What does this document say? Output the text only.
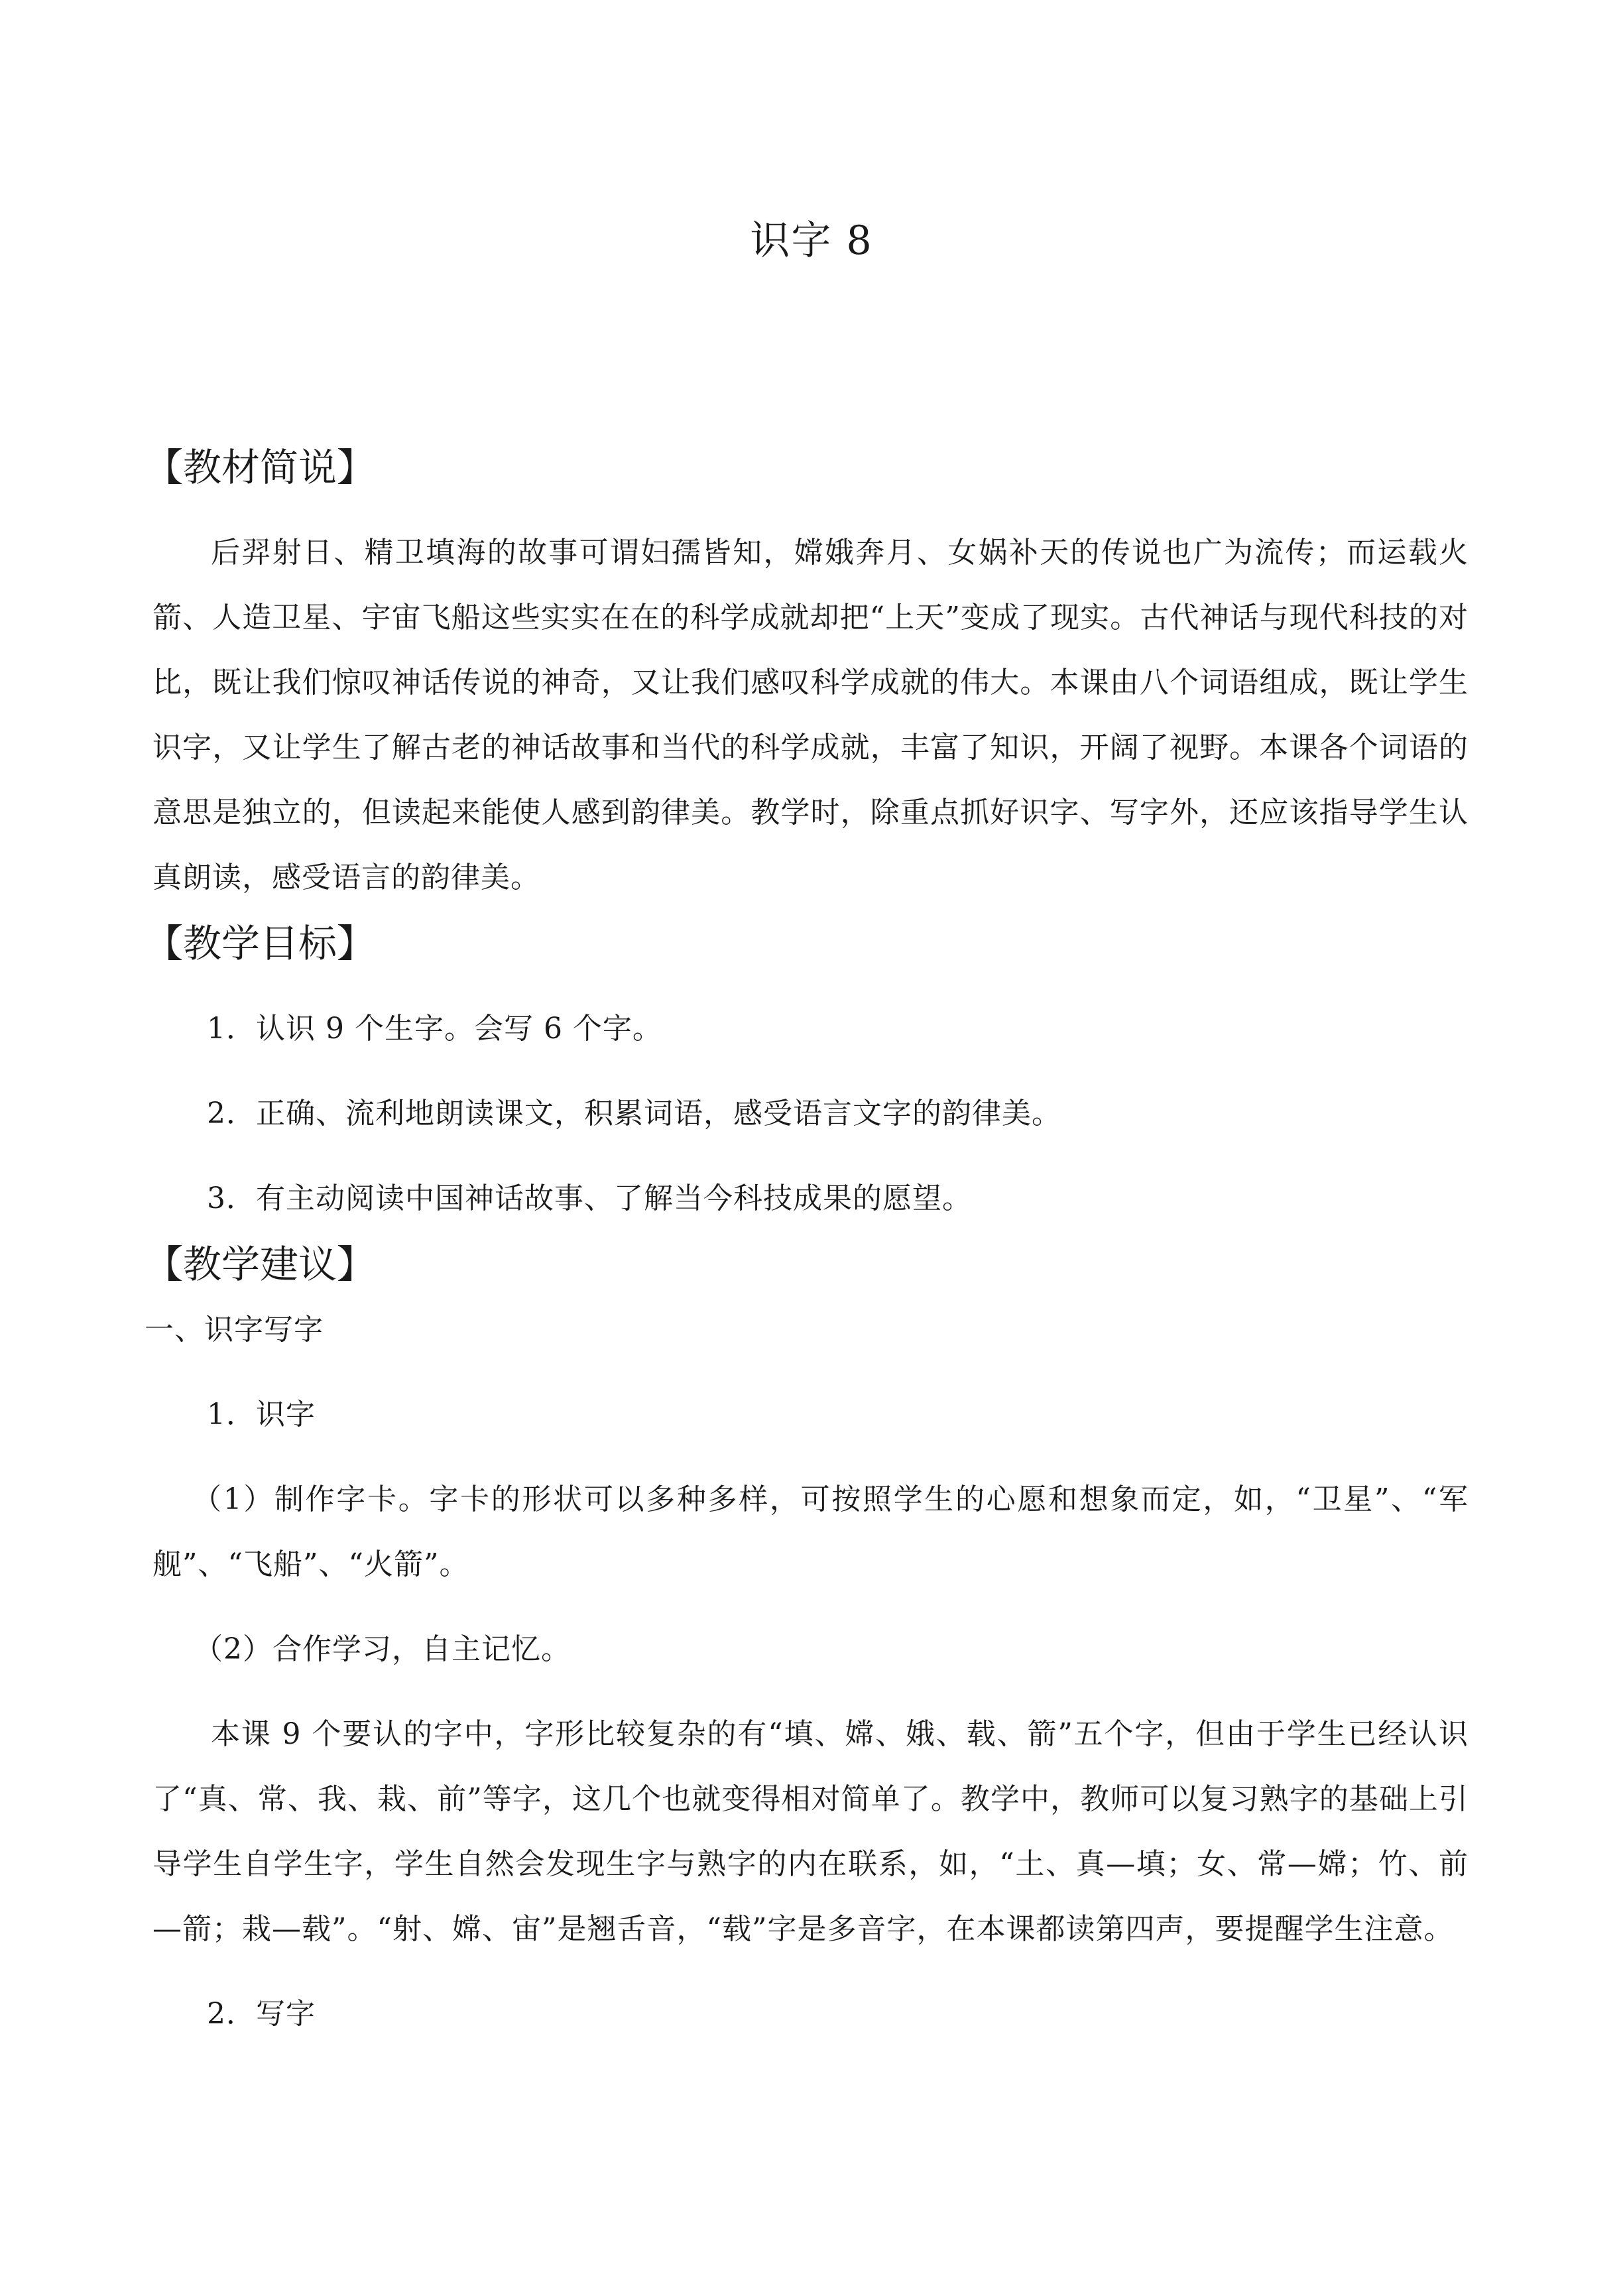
识字 8
【教材简说】

后羿射日、精卫填海的故事可谓妇孺皆知，嫦娥奔月、女娲补天的传说也广为流传；而运载火箭、人造卫星、宇宙飞船这些实实在在的科学成就却把“上天”变成了现实。古代神话与现代科技的对比，既让我们惊叹神话传说的神奇，又让我们感叹科学成就的伟大。本课由八个词语组成，既让学生识字，又让学生了解古老的神话故事和当代的科学成就，丰富了知识，开阔了视野。本课各个词语的意思是独立的，但读起来能使人感到韵律美。教学时，除重点抓好识字、写字外，还应该指导学生认真朗读，感受语言的韵律美。

【教学目标】

1．认识 9 个生字。会写 6 个字。

2．正确、流利地朗读课文，积累词语，感受语言文字的韵律美。

3．有主动阅读中国神话故事、了解当今科技成果的愿望。

【教学建议】

一、识字写字

1．识字

（1）制作字卡。字卡的形状可以多种多样，可按照学生的心愿和想象而定，如，“卫星”、“军舰”、“飞船”、“火箭”。

（2）合作学习，自主记忆。

本课 9 个要认的字中，字形比较复杂的有“填、嫦、娥、载、箭”五个字，但由于学生已经认识了“真、常、我、栽、前”等字，这几个也就变得相对简单了。教学中，教师可以复习熟字的基础上引导学生自学生字，学生自然会发现生字与熟字的内在联系，如，“土、真—填；女、常—嫦；竹、前—箭；栽—载”。“射、嫦、宙”是翘舌音，“载”字是多音字，在本课都读第四声，要提醒学生注意。

2．写字
